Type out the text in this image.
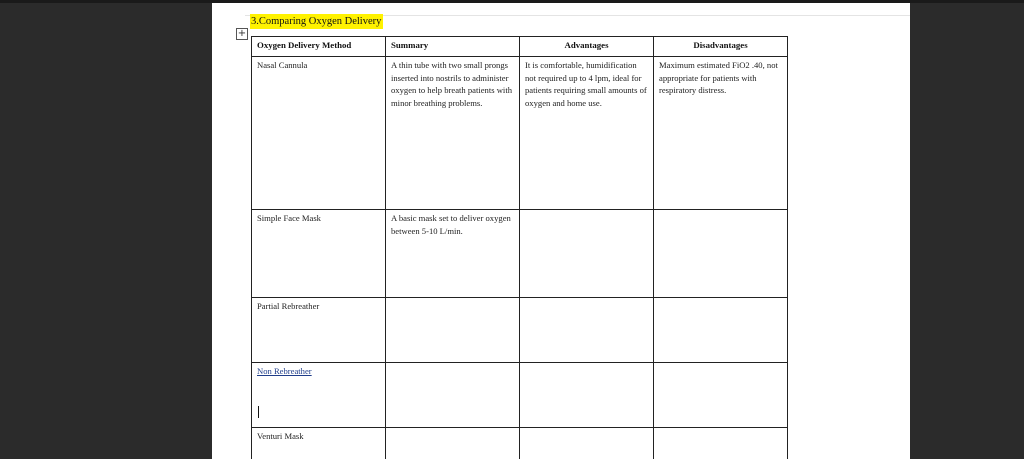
3.Comparing Oxygen Delivery
+
Oxygen Delivery Method	Summary	Advantages	Disadvantages
Nasal Cannula	A thin tube with two small prongs inserted into nostrils to administer oxygen to help breath patients with minor breathing problems.	It is comfortable, humidification not required up to 4 lpm, ideal for patients requiring small amounts of oxygen and home use.	Maximum estimated FiO2 .40, not appropriate for patients with respiratory distress.
Simple Face Mask	A basic mask set to deliver oxygen between 5-10 L/min.		
Partial Rebreather			
Non Rebreather

Venturi Mask			
